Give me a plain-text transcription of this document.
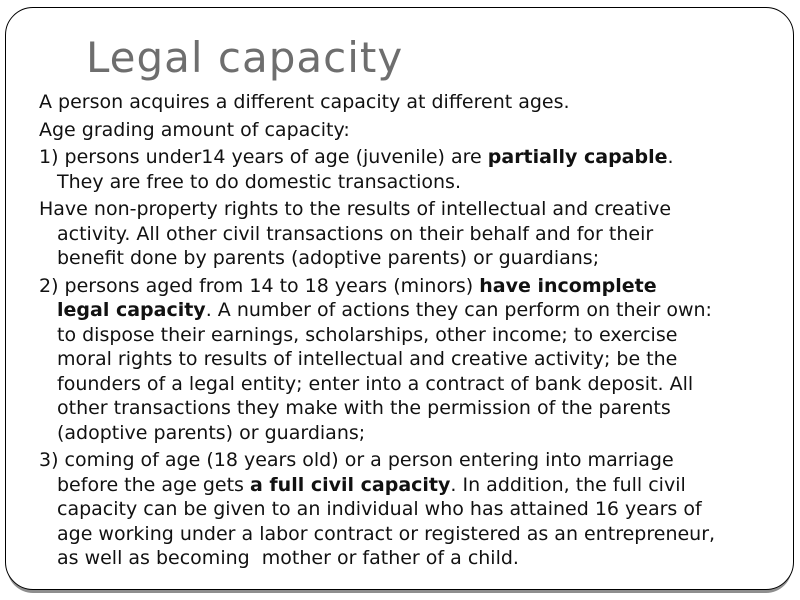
Legal capacity

A person acquires a different capacity at different ages.

Age grading amount of capacity:

1) persons under14 years of age (juvenile) are partially capable.
They are free to do domestic transactions.

Have non-property rights to the results of intellectual and creative
activity. All other civil transactions on their behalf and for their
benefit done by parents (adoptive parents) or guardians;

2) persons aged from 14 to 18 years (minors) have incomplete
legal capacity. A number of actions they can perform on their own:
to dispose their earnings, scholarships, other income; to exercise
moral rights to results of intellectual and creative activity; be the
founders of a legal entity; enter into a contract of bank deposit. All
other transactions they make with the permission of the parents
(adoptive parents) or guardians;

3) coming of age (18 years old) or a person entering into marriage
before the age gets a full civil capacity. In addition, the full civil
capacity can be given to an individual who has attained 16 years of
age working under a labor contract or registered as an entrepreneur,
as well as becoming  mother or father of a child.
